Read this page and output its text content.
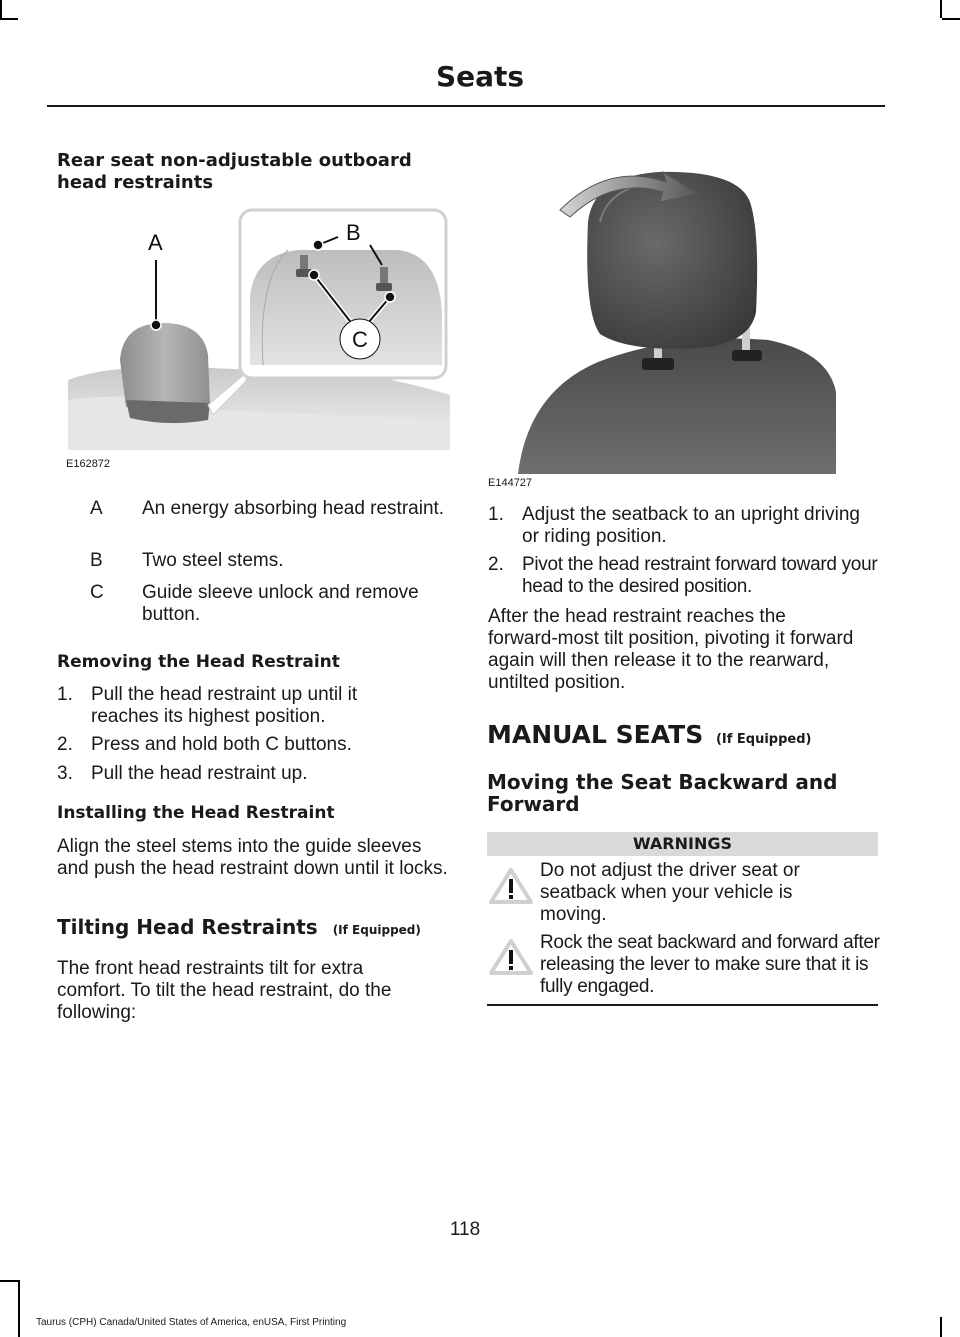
Seats
Rear seat non-adjustable outboard head restraints
A	B
C
E162872
A	An energy absorbing head restraint.
B	Two steel stems.
C	Guide sleeve unlock and remove button.
Removing the Head Restraint
1. Pull the head restraint up until it reaches its highest position.
2. Press and hold both C buttons.
3. Pull the head restraint up.
Installing the Head Restraint
Align the steel stems into the guide sleeves and push the head restraint down until it locks.
Tilting Head Restraints (If Equipped)
The front head restraints tilt for extra comfort. To tilt the head restraint, do the following:
E144727
1. Adjust the seatback to an upright driving or riding position.
2. Pivot the head restraint forward toward your head to the desired position.
After the head restraint reaches the forward-most tilt position, pivoting it forward again will then release it to the rearward, untilted position.
MANUAL SEATS (If Equipped)
Moving the Seat Backward and Forward
WARNINGS
Do not adjust the driver seat or seatback when your vehicle is moving.
Rock the seat backward and forward after releasing the lever to make sure that it is fully engaged.
118
Taurus (CPH) Canada/United States of America, enUSA, First Printing
